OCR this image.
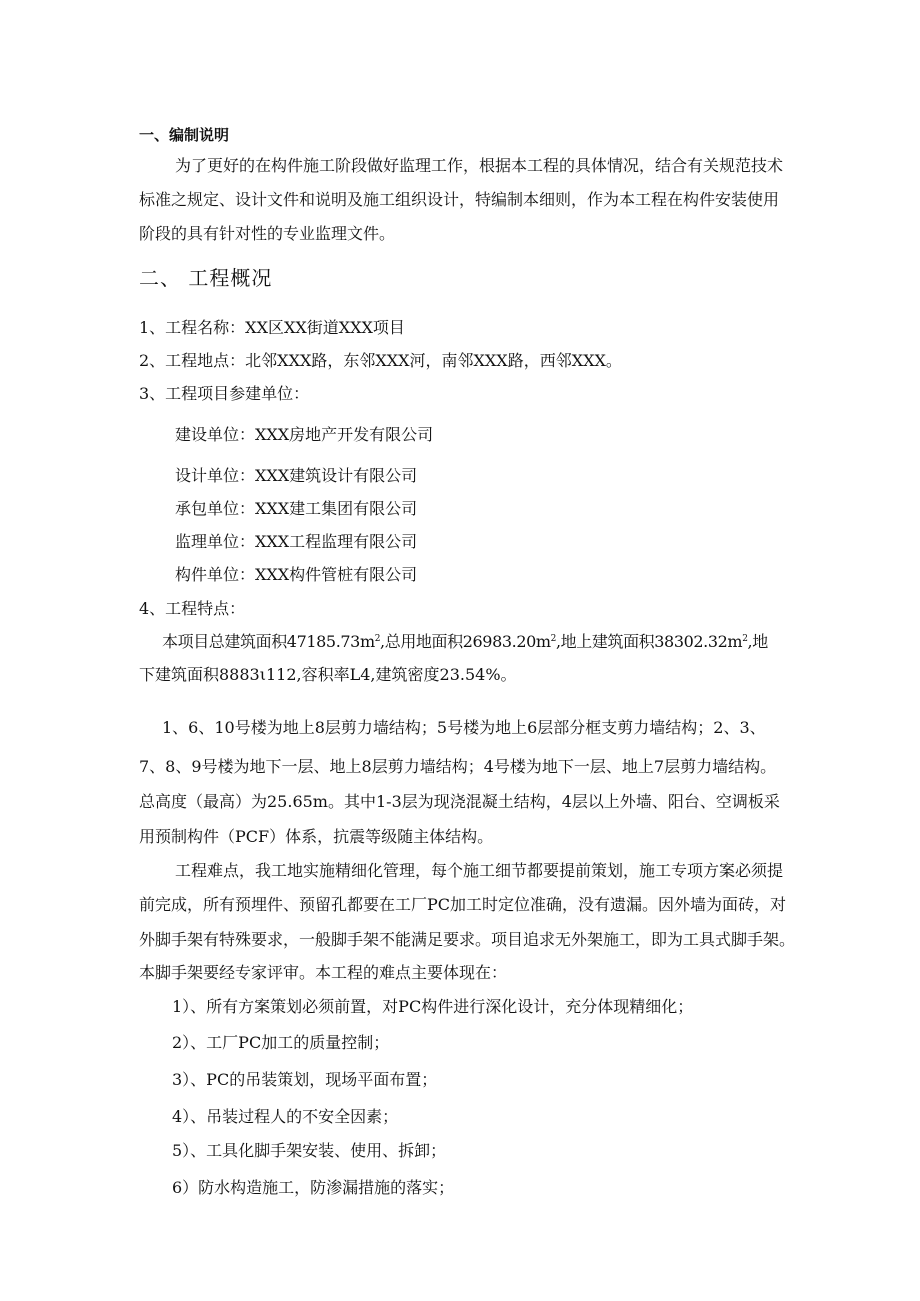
一、编制说明
为了更好的在构件施工阶段做好监理工作，根据本工程的具体情况，结合有关规范技术
标准之规定、设计文件和说明及施工组织设计，特编制本细则，作为本工程在构件安装使用
阶段的具有针对性的专业监理文件。
二、 工程概况
1、工程名称：XX区XX街道XXX项目
2、工程地点：北邻XXX路，东邻XXX河，南邻XXX路，西邻XXX。
3、工程项目参建单位：
建设单位：XXX房地产开发有限公司
设计单位：XXX建筑设计有限公司
承包单位：XXX建工集团有限公司
监理单位：XXX工程监理有限公司
构件单位：XXX构件管桩有限公司
4、工程特点：
本项目总建筑面积$47185.73m^2$,总用地面积$26983.20m^2$,地上建筑面积$38302.32m^2$,地
下建筑面积8883ι112,容积率L4,建筑密度23.54%。
1、6、10号楼为地上8层剪力墙结构；5号楼为地上6层部分框支剪力墙结构；2、3、
7、8、9号楼为地下一层、地上8层剪力墙结构；4号楼为地下一层、地上7层剪力墙结构。
总高度（最高）为25.65m。其中1-3层为现浇混凝土结构，4层以上外墙、阳台、空调板采
用预制构件（PCF）体系，抗震等级随主体结构。
工程难点，我工地实施精细化管理，每个施工细节都要提前策划，施工专项方案必须提
前完成，所有预埋件、预留孔都要在工厂PC加工时定位准确，没有遗漏。因外墙为面砖，对
外脚手架有特殊要求，一般脚手架不能满足要求。项目追求无外架施工，即为工具式脚手架。
本脚手架要经专家评审。本工程的难点主要体现在：
1）、所有方案策划必须前置，对PC构件进行深化设计，充分体现精细化；
2）、工厂PC加工的质量控制；
3）、PC的吊装策划，现场平面布置；
4）、吊装过程人的不安全因素；
5）、工具化脚手架安装、使用、拆卸；
6）防水构造施工，防渗漏措施的落实；
